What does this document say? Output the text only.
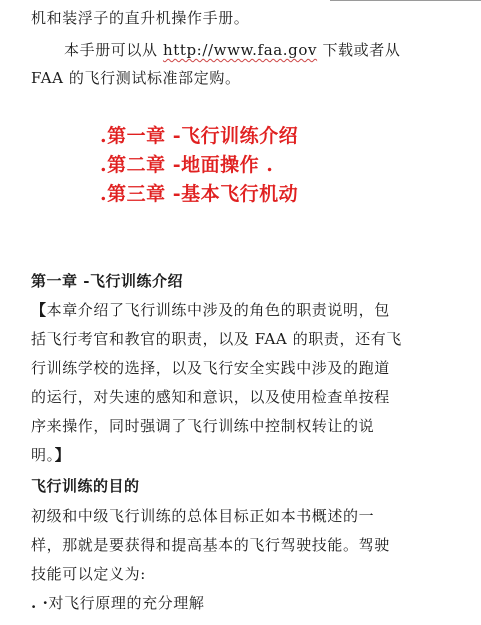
机和装浮子的直升机操作手册。
本手册可以从 http://www.faa.gov 下载或者从
FAA 的飞行测试标准部定购。
.第一章 -飞行训练介绍
.第二章 -地面操作 .
.第三章 -基本飞行机动
第一章 -飞行训练介绍
【本章介绍了飞行训练中涉及的角色的职责说明，包
括飞行考官和教官的职责，以及 FAA 的职责，还有飞
行训练学校的选择，以及飞行安全实践中涉及的跑道
的运行，对失速的感知和意识，以及使用检查单按程
序来操作，同时强调了飞行训练中控制权转让的说
明。】
飞行训练的目的
初级和中级飞行训练的总体目标正如本书概述的一
样，那就是要获得和提高基本的飞行驾驶技能。驾驶
技能可以定义为:
. ·对飞行原理的充分理解
